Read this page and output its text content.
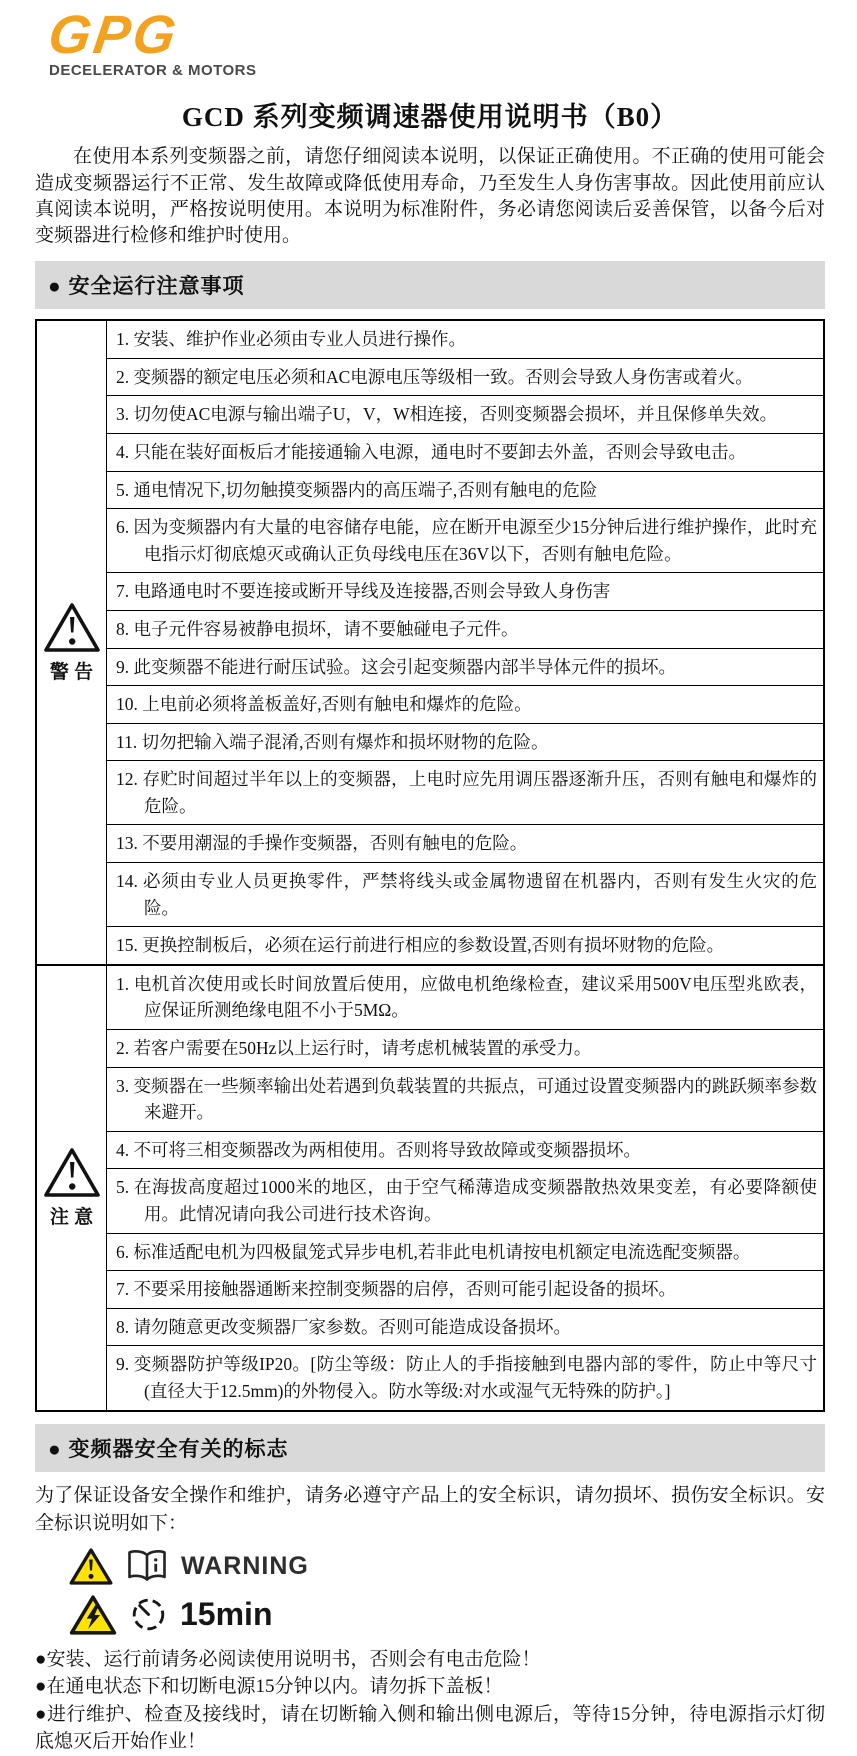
GPG
DECELERATOR & MOTORS
GCD 系列变频调速器使用说明书（B0）

在使用本系列变频器之前，请您仔细阅读本说明，以保证正确使用。不正确的使用可能会造成变频器运行不正常、发生故障或降低使用寿命，乃至发生人身伤害事故。因此使用前应认真阅读本说明，严格按说明使用。本说明为标准附件，务必请您阅读后妥善保管，以备今后对变频器进行检修和维护时使用。

● 安全运行注意事项
警 告
1. 安装、维护作业必须由专业人员进行操作。
2. 变频器的额定电压必须和AC电源电压等级相一致。否则会导致人身伤害或着火。
3. 切勿使AC电源与输出端子U，V，W相连接，否则变频器会损坏，并且保修单失效。
4. 只能在装好面板后才能接通输入电源，通电时不要卸去外盖，否则会导致电击。
5. 通电情况下,切勿触摸变频器内的高压端子,否则有触电的危险
6. 因为变频器内有大量的电容储存电能，应在断开电源至少15分钟后进行维护操作，此时充电指示灯彻底熄灭或确认正负母线电压在36V以下，否则有触电危险。
7. 电路通电时不要连接或断开导线及连接器,否则会导致人身伤害
8. 电子元件容易被静电损坏，请不要触碰电子元件。
9. 此变频器不能进行耐压试验。这会引起变频器内部半导体元件的损坏。
10. 上电前必须将盖板盖好,否则有触电和爆炸的危险。
11. 切勿把输入端子混淆,否则有爆炸和损坏财物的危险。
12. 存贮时间超过半年以上的变频器，上电时应先用调压器逐渐升压，否则有触电和爆炸的危险。
13. 不要用潮湿的手操作变频器，否则有触电的危险。
14. 必须由专业人员更换零件，严禁将线头或金属物遗留在机器内，否则有发生火灾的危险。
15. 更换控制板后，必须在运行前进行相应的参数设置,否则有损坏财物的危险。
注 意
1. 电机首次使用或长时间放置后使用，应做电机绝缘检查，建议采用500V电压型兆欧表，应保证所测绝缘电阻不小于5MΩ。
2. 若客户需要在50Hz以上运行时，请考虑机械装置的承受力。
3. 变频器在一些频率输出处若遇到负载装置的共振点，可通过设置变频器内的跳跃频率参数来避开。
4. 不可将三相变频器改为两相使用。否则将导致故障或变频器损坏。
5. 在海拔高度超过1000米的地区，由于空气稀薄造成变频器散热效果变差，有必要降额使用。此情况请向我公司进行技术咨询。
6. 标准适配电机为四极鼠笼式异步电机,若非此电机请按电机额定电流选配变频器。
7. 不要采用接触器通断来控制变频器的启停，否则可能引起设备的损坏。
8. 请勿随意更改变频器厂家参数。否则可能造成设备损坏。
9. 变频器防护等级IP20。[防尘等级：防止人的手指接触到电器内部的零件，防止中等尺寸(直径大于12.5mm)的外物侵入。防水等级:对水或湿气无特殊的防护。]
● 变频器安全有关的标志

为了保证设备安全操作和维护，请务必遵守产品上的安全标识，请勿损坏、损伤安全标识。安全标识说明如下：

WARNING
15min
●安装、运行前请务必阅读使用说明书，否则会有电击危险！
●在通电状态下和切断电源15分钟以内。请勿拆下盖板！
●进行维护、检查及接线时，请在切断输入侧和输出侧电源后，等待15分钟，待电源指示灯彻底熄灭后开始作业！
